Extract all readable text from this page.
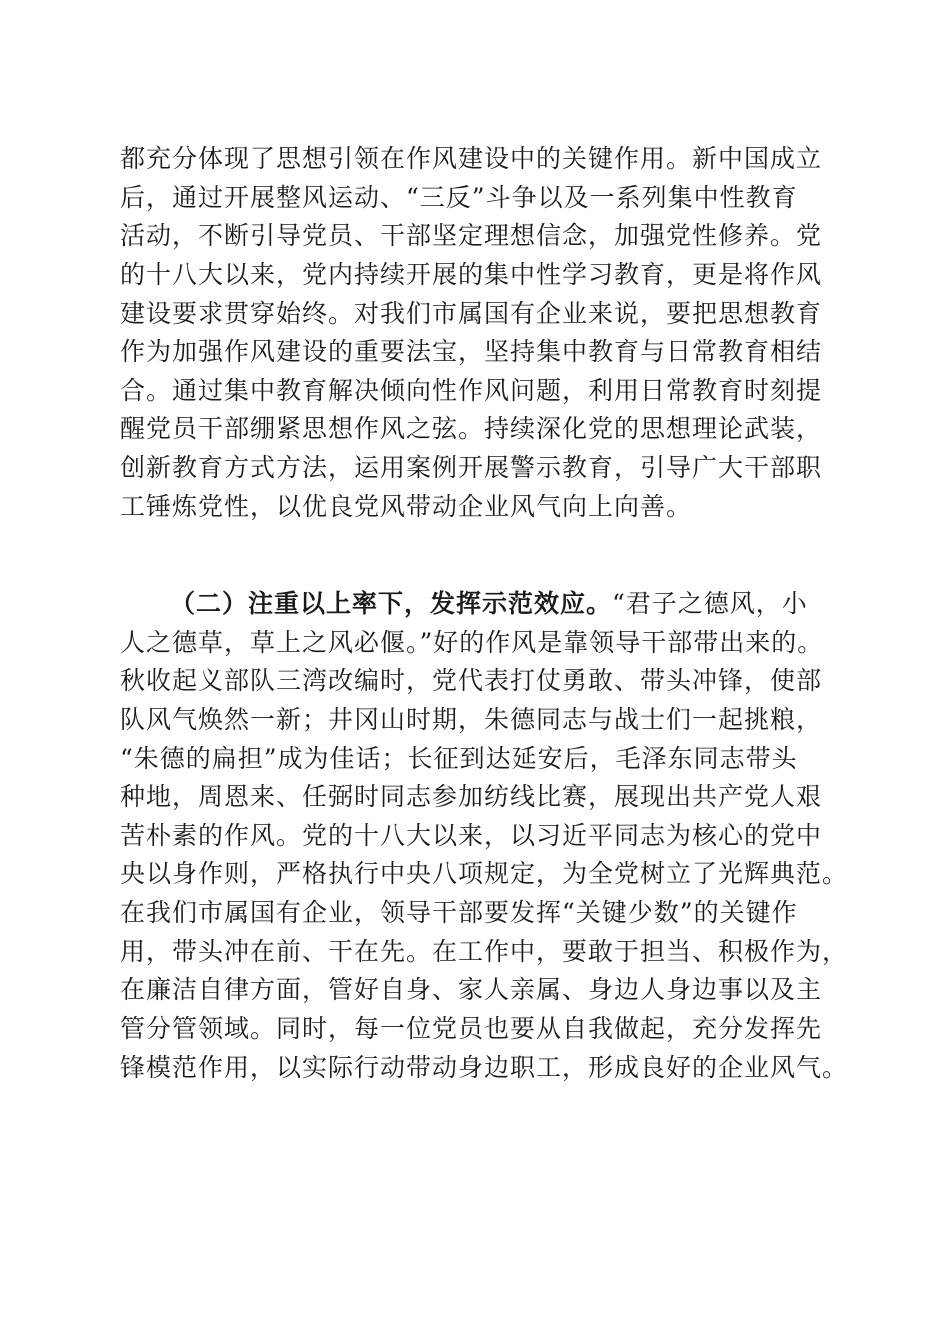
都充分体现了思想引领在作风建设中的关键作用。新中国成立
后，通过开展整风运动、“三反”斗争以及一系列集中性教育
活动，不断引导党员、干部坚定理想信念，加强党性修养。党
的十八大以来，党内持续开展的集中性学习教育，更是将作风
建设要求贯穿始终。对我们市属国有企业来说，要把思想教育
作为加强作风建设的重要法宝，坚持集中教育与日常教育相结
合。通过集中教育解决倾向性作风问题，利用日常教育时刻提
醒党员干部绷紧思想作风之弦。持续深化党的思想理论武装，
创新教育方式方法，运用案例开展警示教育，引导广大干部职
工锤炼党性，以优良党风带动企业风气向上向善。
（二）注重以上率下，发挥示范效应。“君子之德风，小
人之德草，草上之风必偃。”好的作风是靠领导干部带出来的。
秋收起义部队三湾改编时，党代表打仗勇敢、带头冲锋，使部
队风气焕然一新；井冈山时期，朱德同志与战士们一起挑粮，
“朱德的扁担”成为佳话；长征到达延安后，毛泽东同志带头
种地，周恩来、任弼时同志参加纺线比赛，展现出共产党人艰
苦朴素的作风。党的十八大以来，以习近平同志为核心的党中
央以身作则，严格执行中央八项规定，为全党树立了光辉典范。
在我们市属国有企业，领导干部要发挥“关键少数”的关键作
用，带头冲在前、干在先。在工作中，要敢于担当、积极作为，
在廉洁自律方面，管好自身、家人亲属、身边人身边事以及主
管分管领域。同时，每一位党员也要从自我做起，充分发挥先
锋模范作用，以实际行动带动身边职工，形成良好的企业风气。
